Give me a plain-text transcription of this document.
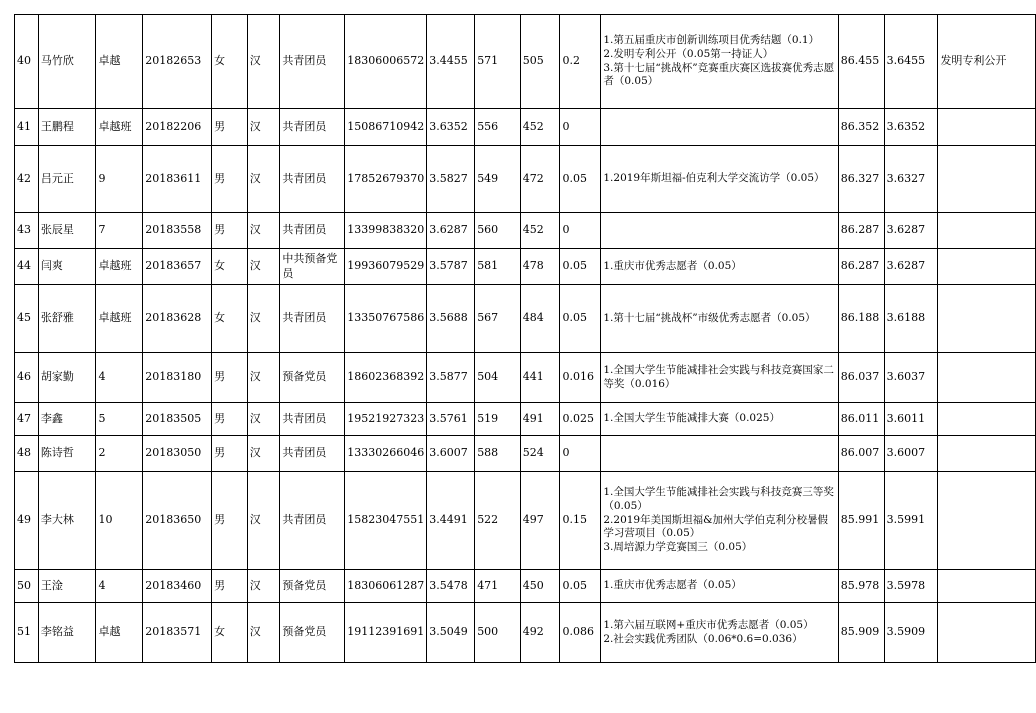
40	马竹欣	卓越	20182653	女	汉	共青团员	18306006572	3.4455	571	505	0.2	1.第五届重庆市创新训练项目优秀结题（0.1）
2.发明专利公开（0.05第一持证人）
3.第十七届“挑战杯”竞赛重庆赛区选拔赛优秀志愿者（0.05）	86.455	3.6455	发明专利公开
41	王鹏程	卓越班	20182206	男	汉	共青团员	15086710942	3.6352	556	452	0		86.352	3.6352	
42	吕元正	9	20183611	男	汉	共青团员	17852679370	3.5827	549	472	0.05	1.2019年斯坦福-伯克利大学交流访学（0.05）	86.327	3.6327	
43	张辰星	7	20183558	男	汉	共青团员	13399838320	3.6287	560	452	0		86.287	3.6287	
44	闫爽	卓越班	20183657	女	汉	中共预备党员	19936079529	3.5787	581	478	0.05	1.重庆市优秀志愿者（0.05）	86.287	3.6287	
45	张舒雅	卓越班	20183628	女	汉	共青团员	13350767586	3.5688	567	484	0.05	1.第十七届“挑战杯”市级优秀志愿者（0.05）	86.188	3.6188	
46	胡家勤	4	20183180	男	汉	预备党员	18602368392	3.5877	504	441	0.016	1.全国大学生节能减排社会实践与科技竞赛国家二等奖（0.016）	86.037	3.6037	
47	李鑫	5	20183505	男	汉	共青团员	19521927323	3.5761	519	491	0.025	1.全国大学生节能减排大赛（0.025）	86.011	3.6011	
48	陈诗哲	2	20183050	男	汉	共青团员	13330266046	3.6007	588	524	0		86.007	3.6007	
49	李大林	10	20183650	男	汉	共青团员	15823047551	3.4491	522	497	0.15	1.全国大学生节能减排社会实践与科技竞赛三等奖（0.05）
2.2019年美国斯坦福&加州大学伯克利分校暑假学习营项目（0.05）
3.周培源力学竞赛国三（0.05）	85.991	3.5991	
50	王淦	4	20183460	男	汉	预备党员	18306061287	3.5478	471	450	0.05	1.重庆市优秀志愿者（0.05）	85.978	3.5978	
51	李铭益	卓越	20183571	女	汉	预备党员	19112391691	3.5049	500	492	0.086	1.第六届互联网+重庆市优秀志愿者（0.05）
2.社会实践优秀团队（0.06*0.6=0.036）	85.909	3.5909	
